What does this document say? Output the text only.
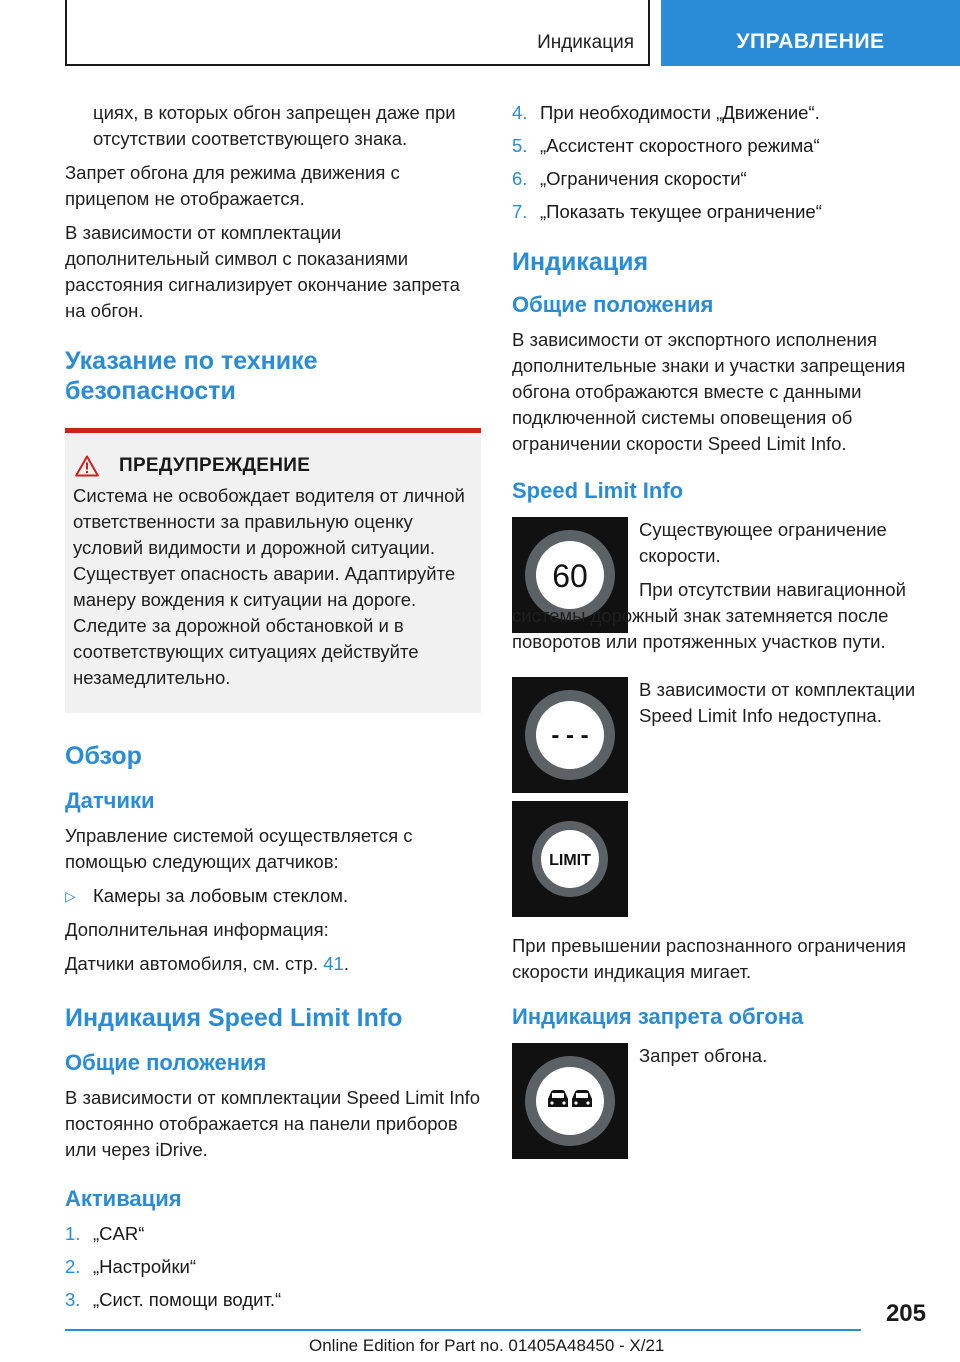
Индикация	УПРАВЛЕНИЕ

циях, в которых обгон запрещен даже при отсутствии соответствующего знака.

Запрет обгона для режима движения с прицепом не отображается.

В зависимости от комплектации дополнительный символ с показаниями расстояния сигнализирует окончание запрета на обгон.

Указание по технике безопасности
ПРЕДУПРЕЖДЕНИЕ

Система не освобождает водителя от личной ответственности за правильную оценку условий видимости и дорожной ситуации. Существует опасность аварии. Адаптируйте манеру вождения к ситуации на дороге. Следите за дорожной обстановкой и в соответствующих ситуациях действуйте незамедлительно.

Обзор
Датчики

Управление системой осуществляется с помощью следующих датчиков:

▷ Камеры за лобовым стеклом.

Дополнительная информация:

Датчики автомобиля, см. стр. 41.

Индикация Speed Limit Info
Общие положения

В зависимости от комплектации Speed Limit Info постоянно отображается на панели приборов или через iDrive.

Активация
1. „CAR“
2. „Настройки“
3. „Сист. помощи водит.“
4. При необходимости „Движение“.
5. „Ассистент скоростного режима“
6. „Ограничения скорости“
7. „Показать текущее ограничение“
Индикация
Общие положения

В зависимости от экспортного исполнения дополнительные знаки и участки запрещения обгона отображаются вместе с данными подключенной системы оповещения об ограничении скорости Speed Limit Info.

Speed Limit Info
60

Существующее ограничение скорости.

При отсутствии навигационной системы дорожный знак затемняется после поворотов или протяженных участков пути.

- - -

В зависимости от комплектации Speed Limit Info недоступна.

LIMIT

При превышении распознанного ограничения скорости индикация мигает.

Индикация запрета обгона

Запрет обгона.

205
Online Edition for Part no. 01405A48450 - X/21
